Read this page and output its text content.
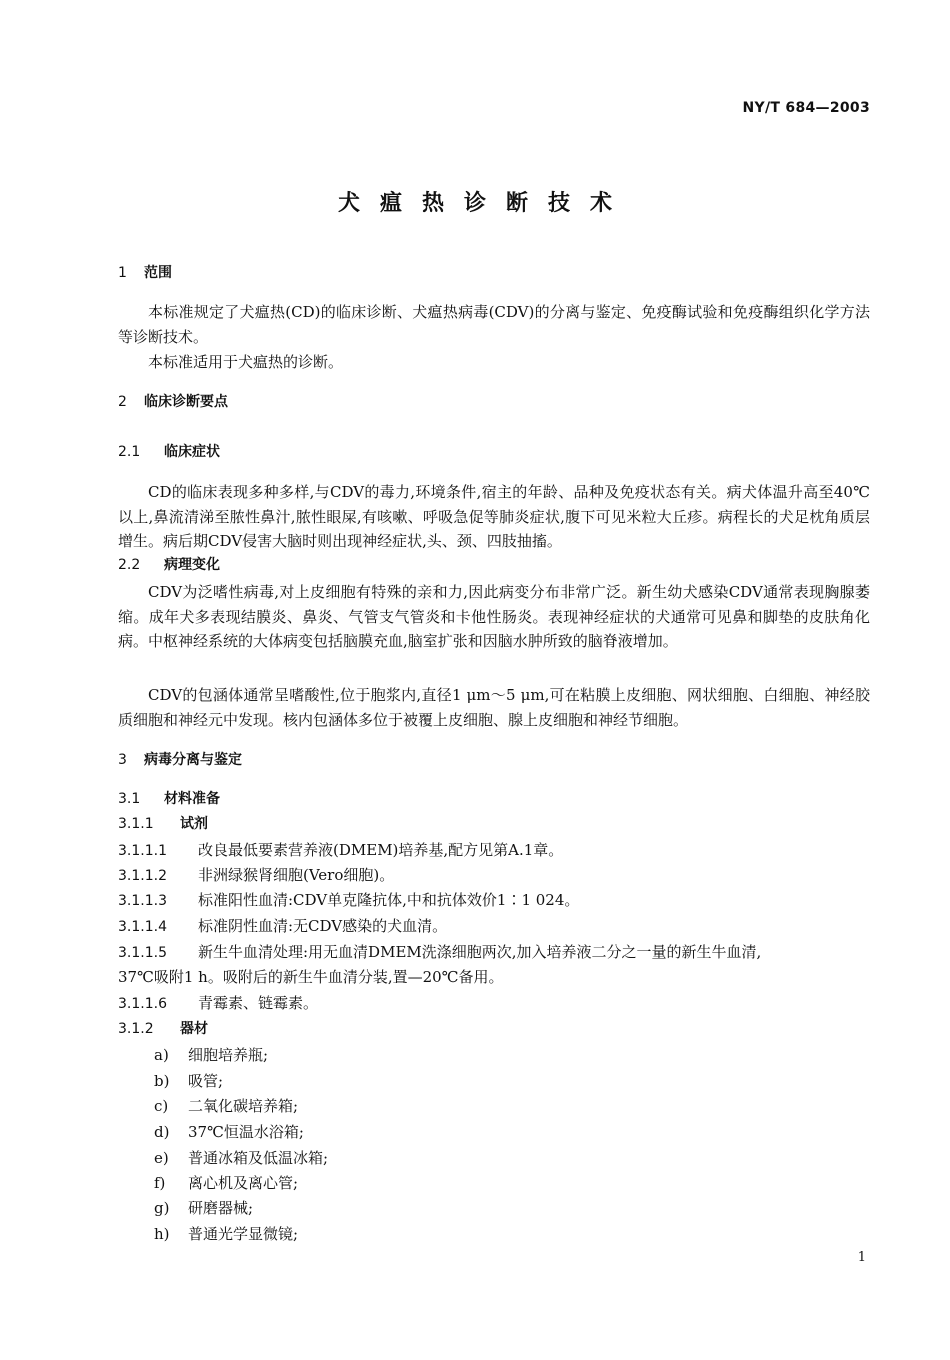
NY/T 684—2003
犬瘟热诊断技术
1 范围
本标准规定了犬瘟热(CD)的临床诊断、犬瘟热病毒(CDV)的分离与鉴定、免疫酶试验和免疫酶组织化学方法等诊断技术。
本标准适用于犬瘟热的诊断。
2 临床诊断要点
2.1 临床症状
CD的临床表现多种多样,与CDV的毒力,环境条件,宿主的年龄、品种及免疫状态有关。病犬体温升高至40℃以上,鼻流清涕至脓性鼻汁,脓性眼屎,有咳嗽、呼吸急促等肺炎症状,腹下可见米粒大丘疹。病程长的犬足枕角质层增生。病后期CDV侵害大脑时则出现神经症状,头、颈、四肢抽搐。
2.2 病理变化
CDV为泛嗜性病毒,对上皮细胞有特殊的亲和力,因此病变分布非常广泛。新生幼犬感染CDV通常表现胸腺萎缩。成年犬多表现结膜炎、鼻炎、气管支气管炎和卡他性肠炎。表现神经症状的犬通常可见鼻和脚垫的皮肤角化病。中枢神经系统的大体病变包括脑膜充血,脑室扩张和因脑水肿所致的脑脊液增加。
CDV的包涵体通常呈嗜酸性,位于胞浆内,直径1 μm～5 μm,可在粘膜上皮细胞、网状细胞、白细胞、神经胶质细胞和神经元中发现。核内包涵体多位于被覆上皮细胞、腺上皮细胞和神经节细胞。
3 病毒分离与鉴定
3.1 材料准备
3.1.1 试剂
3.1.1.1 改良最低要素营养液(DMEM)培养基,配方见第A.1章。
3.1.1.2 非洲绿猴肾细胞(Vero细胞)。
3.1.1.3 标准阳性血清:CDV单克隆抗体,中和抗体效价1∶1 024。
3.1.1.4 标准阴性血清:无CDV感染的犬血清。
3.1.1.5 新生牛血清处理:用无血清DMEM洗涤细胞两次,加入培养液二分之一量的新生牛血清,
37℃吸附1 h。吸附后的新生牛血清分装,置—20℃备用。
3.1.1.6 青霉素、链霉素。
3.1.2 器材
a) 细胞培养瓶;
b) 吸管;
c) 二氧化碳培养箱;
d) 37℃恒温水浴箱;
e) 普通冰箱及低温冰箱;
f) 离心机及离心管;
g) 研磨器械;
h) 普通光学显微镜;
1
